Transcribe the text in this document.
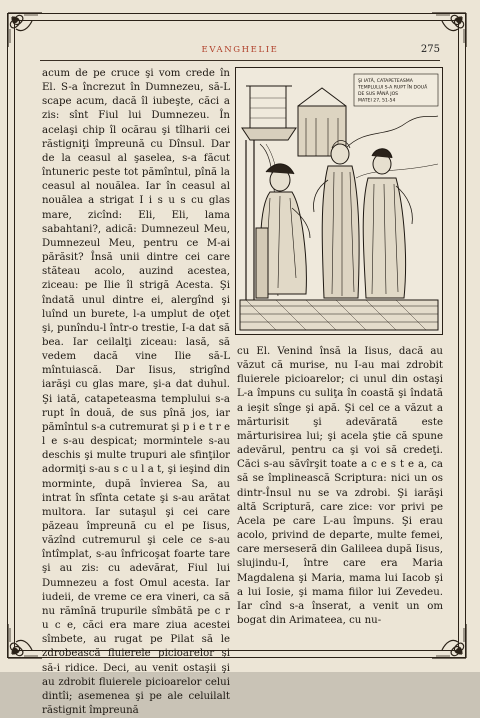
EVANGHELIE	275

acum de pe cruce şi vom crede în El. S-a încrezut în Dumnezeu, să-L scape acum, dacă îl iubeşte, căci a zis: sînt Fiul lui Dumnezeu. În acelaşi chip îl ocărau şi tîlharii cei răstigniţi împreună cu Dînsul. Dar de la ceasul al şaselea, s-a făcut întuneric peste tot pămîntul, pînă la ceasul al nouălea. Iar în ceasul al nouălea a strigat I i s u s cu glas mare, zicînd: Eli, Eli, lama sabahtani?, adică: Dumnezeul Meu, Dumnezeul Meu, pentru ce M-ai părăsit? Însă unii dintre cei care stăteau acolo, auzind acestea, ziceau: pe Ilie îl strigă Acesta. Şi îndată unul dintre ei, alergînd şi luînd un burete, l-a umplut de oţet şi, punîndu-l într-o trestie, I-a dat să bea. Iar ceilalţi ziceau: lasă, să vedem dacă vine Ilie să-L mîntuiască. Dar Iisus, strigînd iarăşi cu glas mare, şi-a dat duhul. Şi iată, catapeteasma templului s-a rupt în două, de sus pînă jos, iar pămîntul s-a cutremurat şi p i e t r e l e s-au despicat; mormintele s-au deschis şi multe trupuri ale sfinţilor adormiţi s-au s c u l a t, şi ieşind din morminte, după învierea Sa, au intrat în sfînta cetate şi s-au arătat multora. Iar sutaşul şi cei care păzeau împreună cu el pe Iisus, văzînd cutremurul şi cele ce s-au întîmplat, s-au înfricoşat foarte tare şi au zis: cu adevărat, Fiul lui Dumnezeu a fost Omul acesta. Iar iudeii, de vreme ce era vineri, ca să nu rămînă trupurile sîmbătă pe c r u c e, căci era mare ziua acestei sîmbete, au rugat pe Pilat să le zdrobească fluierele picioarelor şi să-i ridice. Deci, au venit ostaşii şi au zdrobit fluierele picioarelor celui dintîi; asemenea şi pe ale celuilalt răstignit împreună

ŞI IATĂ, CATAPETEASMA
TEMPLULUI S-A RUPT ÎN DOUĂ
DE SUS PÂNĂ JOS
MATEI 27, 51-54

cu El. Venind însă la Iisus, dacă au văzut că murise, nu I-au mai zdrobit fluierele picioarelor; ci unul din ostaşi L-a împuns cu suliţa în coastă şi îndată a ieşit sînge şi apă. Şi cel ce a văzut a mărturisit şi adevărată este mărturisirea lui; şi acela ştie că spune adevărul, pentru ca şi voi să credeţi. Căci s-au săvîrşit toate a c e s t e a, ca să se împlinească Scriptura: nici un os dintr-Însul nu se va zdrobi. Şi iarăşi altă Scriptură, care zice: vor privi pe Acela pe care L-au împuns. Şi erau acolo, privind de departe, multe femei, care merseseră din Galileea după Iisus, slujindu-I, între care era Maria Magdalena şi Maria, mama lui Iacob şi a lui Iosie, şi mama fiilor lui Zevedeu. Iar cînd s-a înserat, a venit un om bogat din Arimateea, cu nu-
